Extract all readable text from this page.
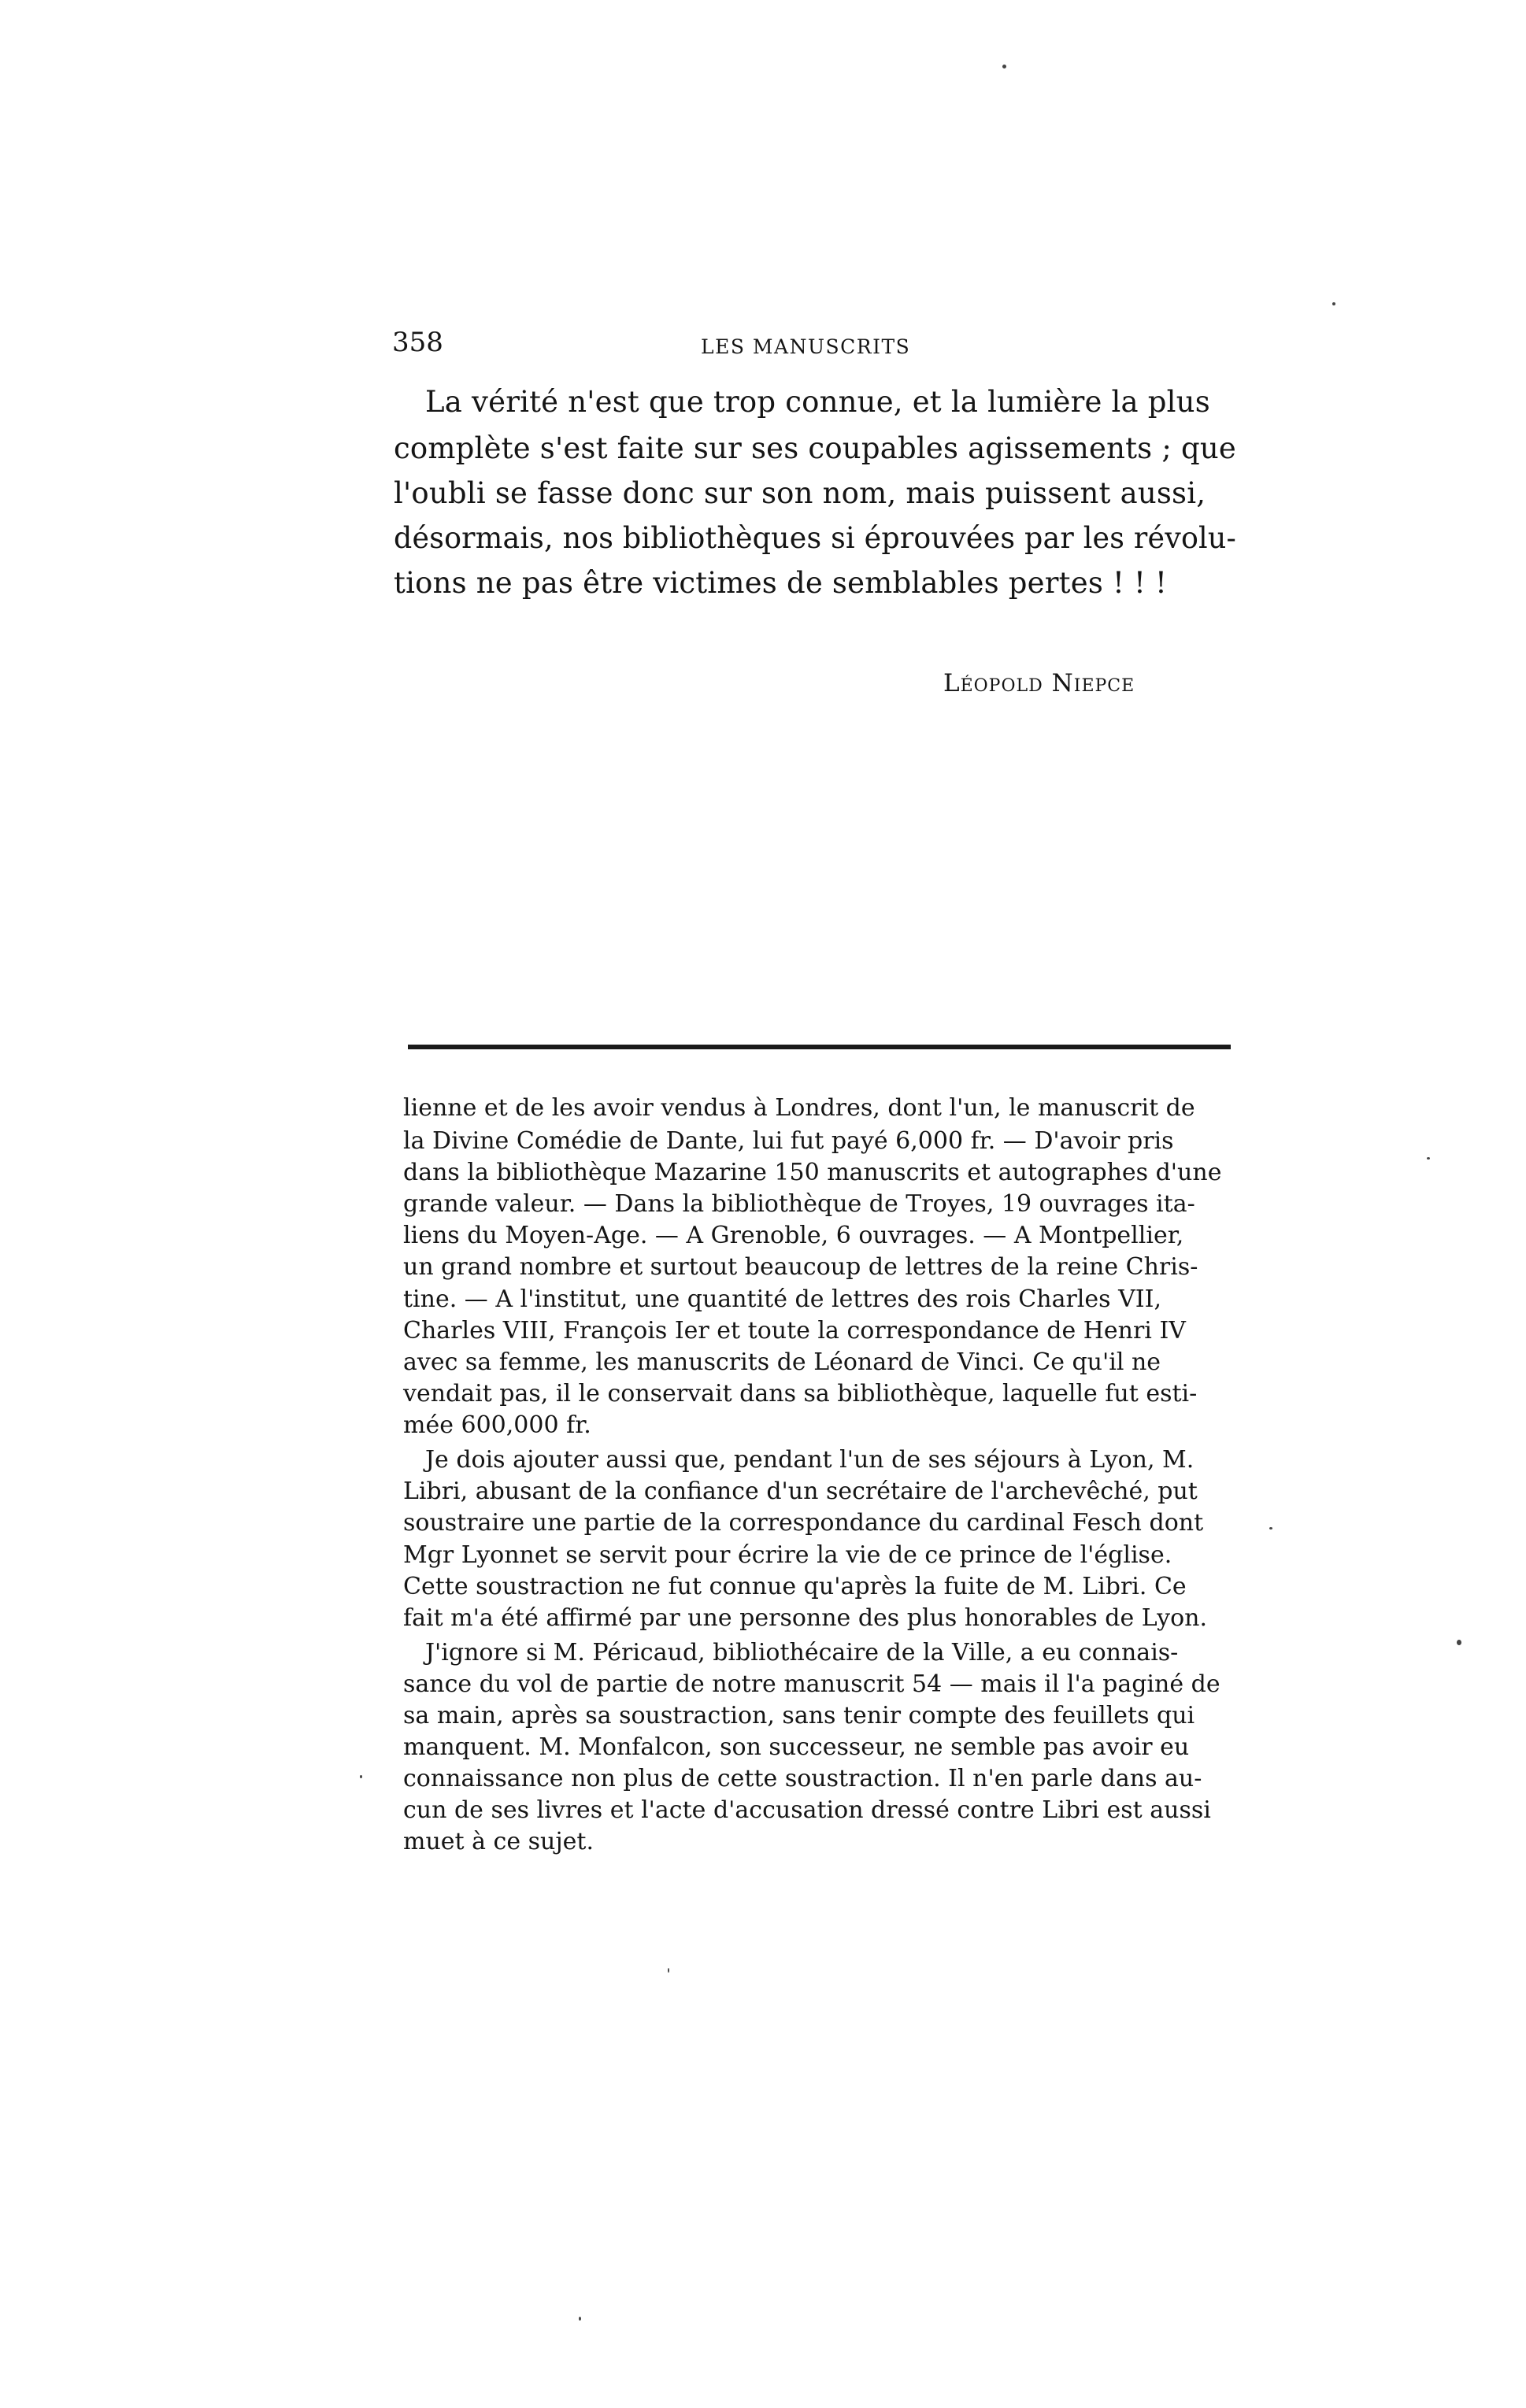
358	LES MANUSCRITS
La vérité n'est que trop connue, et la lumière la plus
complète s'est faite sur ses coupables agissements ; que
l'oubli se fasse donc sur son nom, mais puissent aussi,
désormais, nos bibliothèques si éprouvées par les révolu-
tions ne pas être victimes de semblables pertes ! ! !
Léopold Niepce
lienne et de les avoir vendus à Londres, dont l'un, le manuscrit de
la Divine Comédie de Dante, lui fut payé 6,000 fr. — D'avoir pris
dans la bibliothèque Mazarine 150 manuscrits et autographes d'une
grande valeur. — Dans la bibliothèque de Troyes, 19 ouvrages ita-
liens du Moyen-Age. — A Grenoble, 6 ouvrages. — A Montpellier,
un grand nombre et surtout beaucoup de lettres de la reine Chris-
tine. — A l'institut, une quantité de lettres des rois Charles VII,
Charles VIII, François Ier et toute la correspondance de Henri IV
avec sa femme, les manuscrits de Léonard de Vinci. Ce qu'il ne
vendait pas, il le conservait dans sa bibliothèque, laquelle fut esti-
mée 600,000 fr.
Je dois ajouter aussi que, pendant l'un de ses séjours à Lyon, M.
Libri, abusant de la confiance d'un secrétaire de l'archevêché, put
soustraire une partie de la correspondance du cardinal Fesch dont
Mgr Lyonnet se servit pour écrire la vie de ce prince de l'église.
Cette soustraction ne fut connue qu'après la fuite de M. Libri. Ce
fait m'a été affirmé par une personne des plus honorables de Lyon.
J'ignore si M. Péricaud, bibliothécaire de la Ville, a eu connais-
sance du vol de partie de notre manuscrit 54 — mais il l'a paginé de
sa main, après sa soustraction, sans tenir compte des feuillets qui
manquent. M. Monfalcon, son successeur, ne semble pas avoir eu
connaissance non plus de cette soustraction. Il n'en parle dans au-
cun de ses livres et l'acte d'accusation dressé contre Libri est aussi
muet à ce sujet.
